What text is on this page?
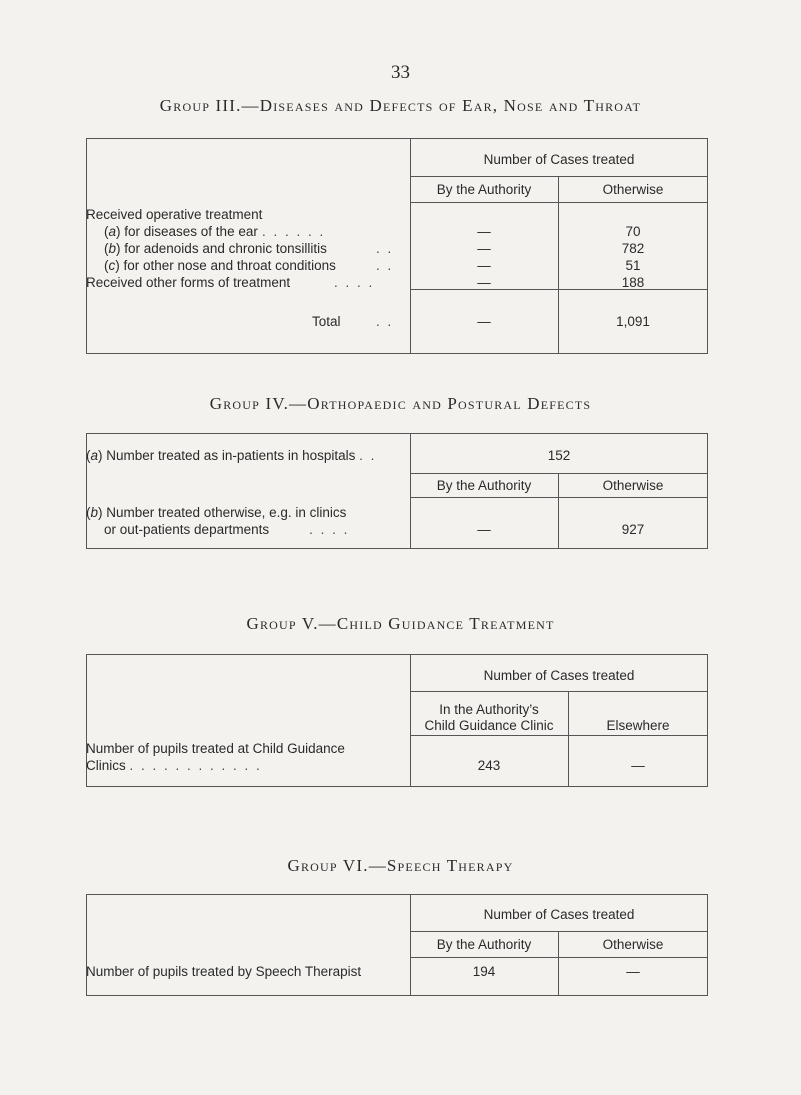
33
Group III.—Diseases and Defects of Ear, Nose and Throat
Number of Cases treated
By the Authority	Otherwise
Received operative treatment
(a) for diseases of the ear . . . . . .	—	70
(b) for adenoids and chronic tonsillitis	. .	—	782
(c) for other nose and throat conditions	. .	—	51
Received other forms of treatment	. . . .	—	188
Total	. .	—	1,091
Group IV.—Orthopaedic and Postural Defects
(a) Number treated as in-patients in hospitals . .	152
By the Authority	Otherwise
(b) Number treated otherwise, e.g. in clinics
or out-patients departments	. . . .	—	927
Group V.—Child Guidance Treatment
Number of Cases treated
In the Authority’s
Child Guidance Clinic	Elsewhere
Number of pupils treated at Child Guidance
Clinics . . . . . . . . . . . .	243	—
Group VI.—Speech Therapy
Number of Cases treated
By the Authority	Otherwise
Number of pupils treated by Speech Therapist	194	—
